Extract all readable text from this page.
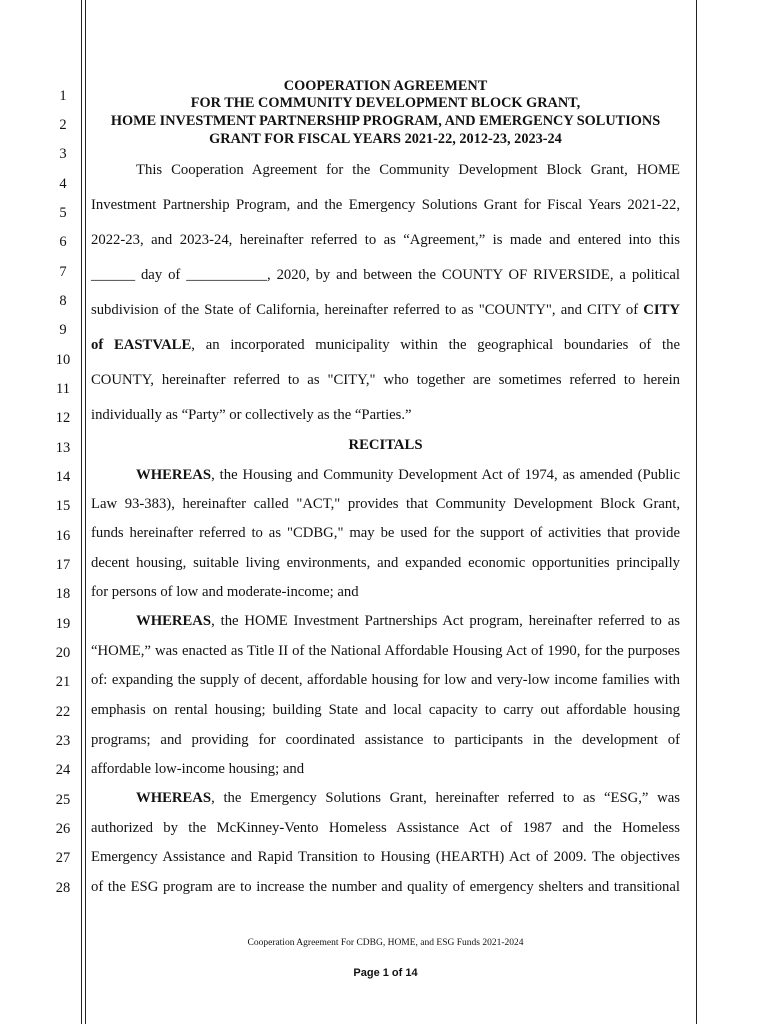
1
2
3
4
5
6
7
8
9
10
11
12
13
14
15
16
17
18
19
20
21
22
23
24
25
26
27
28
COOPERATION AGREEMENT
FOR THE COMMUNITY DEVELOPMENT BLOCK GRANT,
HOME INVESTMENT PARTNERSHIP PROGRAM, AND EMERGENCY SOLUTIONS
GRANT FOR FISCAL YEARS 2021-22, 2012-23, 2023-24
This Cooperation Agreement for the Community Development Block Grant, HOME
Investment Partnership Program, and the Emergency Solutions Grant for Fiscal Years 2021-22,
2022-23, and 2023-24, hereinafter referred to as “Agreement,” is made and entered into this
______ day of ___________, 2020, by and between the COUNTY OF RIVERSIDE, a political
subdivision of the State of California, hereinafter referred to as "COUNTY", and CITY of CITY
of EASTVALE, an incorporated municipality within the geographical boundaries of the
COUNTY, hereinafter referred to as "CITY," who together are sometimes referred to herein
individually as “Party” or collectively as the “Parties.”
RECITALS
WHEREAS, the Housing and Community Development Act of 1974, as amended (Public
Law 93-383), hereinafter called "ACT," provides that Community Development Block Grant,
funds hereinafter referred to as "CDBG," may be used for the support of activities that provide
decent housing, suitable living environments, and expanded economic opportunities principally
for persons of low and moderate-income; and
WHEREAS, the HOME Investment Partnerships Act program, hereinafter referred to as
“HOME,” was enacted as Title II of the National Affordable Housing Act of 1990, for the purposes
of: expanding the supply of decent, affordable housing for low and very-low income families with
emphasis on rental housing; building State and local capacity to carry out affordable housing
programs; and providing for coordinated assistance to participants in the development of
affordable low-income housing; and
WHEREAS, the Emergency Solutions Grant, hereinafter referred to as “ESG,” was
authorized by the McKinney-Vento Homeless Assistance Act of 1987 and the Homeless
Emergency Assistance and Rapid Transition to Housing (HEARTH) Act of 2009. The objectives
of the ESG program are to increase the number and quality of emergency shelters and transitional
Cooperation Agreement For CDBG, HOME, and ESG Funds 2021-2024
Page 1 of 14
